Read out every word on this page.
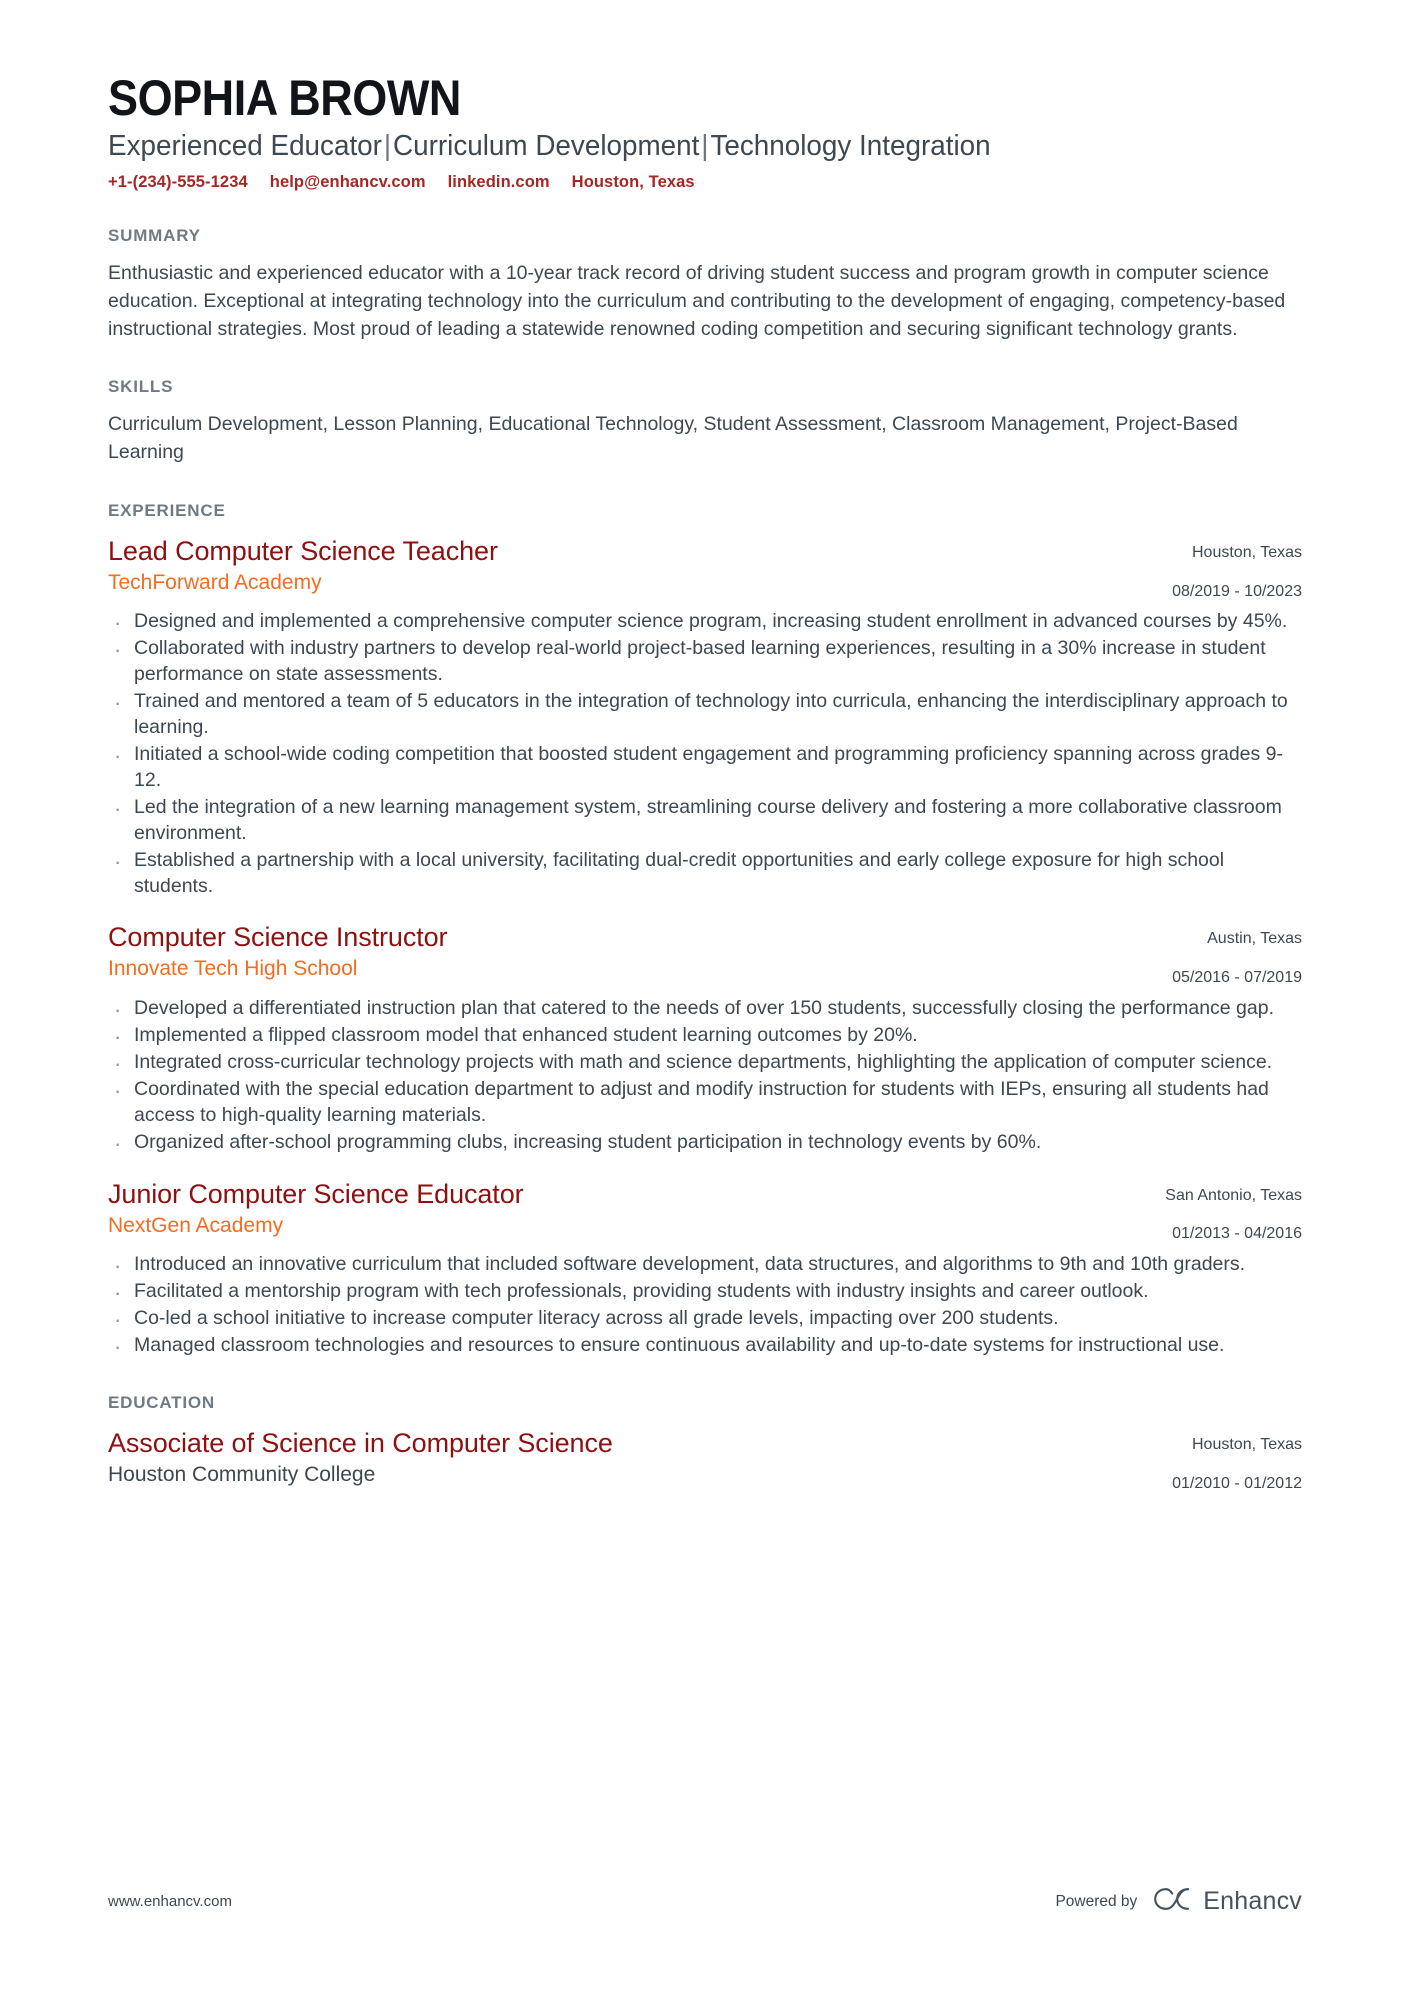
SOPHIA BROWN
Experienced Educator|Curriculum Development|Technology Integration
+1-(234)-555-1234 help@enhancv.com linkedin.com Houston, Texas
SUMMARY

Enthusiastic and experienced educator with a 10-year track record of driving student success and program growth in computer science education. Exceptional at integrating technology into the curriculum and contributing to the development of engaging, competency-based instructional strategies. Most proud of leading a statewide renowned coding competition and securing significant technology grants.

SKILLS

Curriculum Development, Lesson Planning, Educational Technology, Student Assessment, Classroom Management, Project-Based Learning

EXPERIENCE
Lead Computer Science Teacher
TechForward Academy
Houston, Texas
08/2019 - 10/2023
· Designed and implemented a comprehensive computer science program, increasing student enrollment in advanced courses by 45%.
· Collaborated with industry partners to develop real-world project-based learning experiences, resulting in a 30% increase in student performance on state assessments.
· Trained and mentored a team of 5 educators in the integration of technology into curricula, enhancing the interdisciplinary approach to learning.
· Initiated a school-wide coding competition that boosted student engagement and programming proficiency spanning across grades 9-12.
· Led the integration of a new learning management system, streamlining course delivery and fostering a more collaborative classroom environment.
· Established a partnership with a local university, facilitating dual-credit opportunities and early college exposure for high school students.
Computer Science Instructor
Innovate Tech High School
Austin, Texas
05/2016 - 07/2019
· Developed a differentiated instruction plan that catered to the needs of over 150 students, successfully closing the performance gap.
· Implemented a flipped classroom model that enhanced student learning outcomes by 20%.
· Integrated cross-curricular technology projects with math and science departments, highlighting the application of computer science.
· Coordinated with the special education department to adjust and modify instruction for students with IEPs, ensuring all students had access to high-quality learning materials.
· Organized after-school programming clubs, increasing student participation in technology events by 60%.
Junior Computer Science Educator
NextGen Academy
San Antonio, Texas
01/2013 - 04/2016
· Introduced an innovative curriculum that included software development, data structures, and algorithms to 9th and 10th graders.
· Facilitated a mentorship program with tech professionals, providing students with industry insights and career outlook.
· Co-led a school initiative to increase computer literacy across all grade levels, impacting over 200 students.
· Managed classroom technologies and resources to ensure continuous availability and up-to-date systems for instructional use.
EDUCATION
Associate of Science in Computer Science
Houston Community College
Houston, Texas
01/2010 - 01/2012
www.enhancv.com	Powered by	Enhancv
